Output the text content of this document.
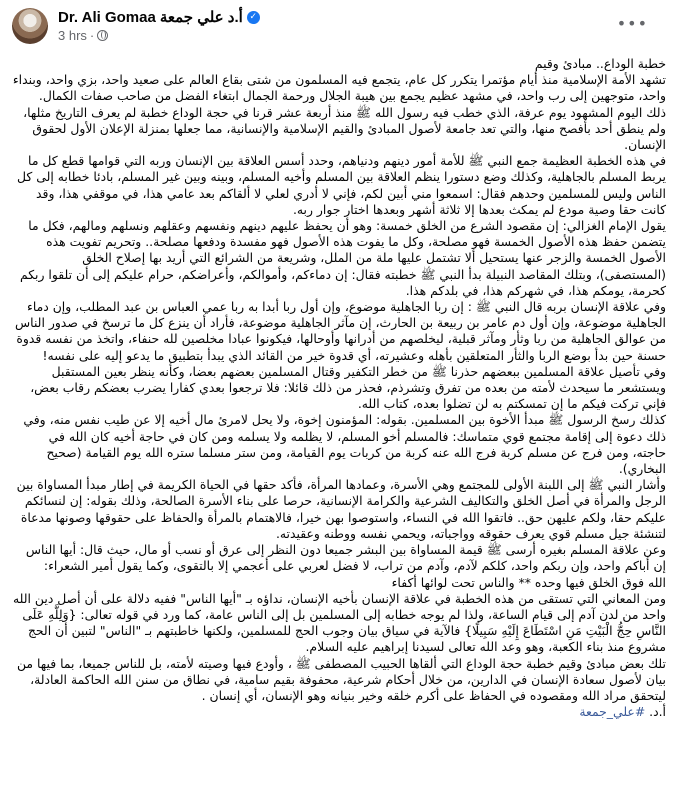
Dr. Ali Gomaa أ.د علي جمعة ✓
3 hrs ·
•••

خطبة الوداع.. مبادئ وقيم

تشهد الأمة الإسلامية منذ أيام مؤتمرا يتكرر كل عام، يتجمع فيه المسلمون من شتى بقاع العالم على صعيد واحد، بزي واحد، وبنداء واحد، متوجهين إلى رب واحد، في مشهد عظيم يجمع بين هيبة الجلال ورحمة الجمال ابتغاء الفضل من صاحب صفات الكمال.

ذلك اليوم المشهود يوم عرفة، الذي خطب فيه رسول الله ﷺ منذ أربعة عشر قرنا في حجة الوداع خطبة لم يعرف التاريخ مثلها، ولم ينطق أحد بأفصح منها، والتي تعد جامعة لأصول المبادئ والقيم الإسلامية والإنسانية، مما جعلها بمنزلة الإعلان الأول لحقوق الإنسان.

في هذه الخطبة العظيمة جمع النبي ﷺ للأمة أمور دينهم ودنياهم، وحدد أسس العلاقة بين الإنسان وربه التي قوامها قطع كل ما يربط المسلم بالجاهلية، وكذلك وضع دستورا ينظم العلاقة بين المسلم وأخيه المسلم، وبينه وبين غير المسلم، بادئا خطابه إلى كل الناس وليس للمسلمين وحدهم فقال: اسمعوا مني أبين لكم، فإني لا أدري لعلي لا ألقاكم بعد عامي هذا، في موقفي هذا، وقد كانت حقا وصية مودع لم يمكث بعدها إلا ثلاثة أشهر وبعدها اختار جوار ربه.

يقول الإمام الغزالي: إن مقصود الشرع من الخلق خمسة: وهو أن يحفظ عليهم دينهم ونفسهم وعقلهم ونسلهم ومالهم، فكل ما يتضمن حفظ هذه الأصول الخمسة فهو مصلحة، وكل ما يفوت هذه الأصول فهو مفسدة ودفعها مصلحة.. وتحريم تفويت هذه الأصول الخمسة والزجر عنها يستحيل ألا تشتمل عليها ملة من الملل، وشريعة من الشرائع التي أريد بها إصلاح الخلق (المستصفى)، وبتلك المقاصد النبيلة بدأ النبي ﷺ خطبته فقال: إن دماءكم، وأموالكم، وأعراضكم، حرام عليكم إلى أن تلقوا ربكم كحرمة، يومكم هذا، في شهركم هذا، في بلدكم هذا.

وفي علاقة الإنسان بربه قال النبي ﷺ : إن ربا الجاهلية موضوع، وإن أول ربا أبدا به ربا عمي العباس بن عبد المطلب، وإن دماء الجاهلية موضوعة، وإن أول دم عامر بن ربيعة بن الحارث، إن مآثر الجاهلية موضوعة، فأراد أن ينزع كل ما ترسخ في صدور الناس من عوالق الجاهلية من ربا وثأر ومآثر قبلية، ليخلصهم من أدرانها وأوحالها، فيكونوا عبادا مخلصين لله حنفاء، واتخذ من نفسه قدوة حسنة حين بدأ بوضع الربا والثأر المتعلقين بأهله وعشيرته، أي قدوة خير من القائد الذي يبدأ بتطبيق ما يدعو إليه على نفسه!

وفي تأصيل علاقة المسلمين ببعضهم حذرنا ﷺ من خطر التكفير وقتال المسلمين بعضهم بعضا، وكأنه ينظر بعين المستقبل ويستشعر ما سيحدث لأمته من بعده من تفرق وتشرذم، فحذر من ذلك قائلا: فلا ترجعوا بعدي كفارا يضرب بعضكم رقاب بعض، فإني تركت فيكم ما إن تمسكتم به لن تضلوا بعده، كتاب الله.

كذلك رسخ الرسول ﷺ مبدأ الأخوة بين المسلمين. بقوله: المؤمنون إخوة، ولا يحل لامرئ مال أخيه إلا عن طيب نفس منه، وفي ذلك دعوة إلى إقامة مجتمع قوي متماسك: فالمسلم أخو المسلم، لا يظلمه ولا يسلمه ومن كان في حاجة أخيه كان الله في حاجته، ومن فرج عن مسلم كربة فرج الله عنه كربة من كربات يوم القيامة، ومن ستر مسلما ستره الله يوم القيامة (صحيح البخاري).

وأشار النبي ﷺ إلى اللبنة الأولى للمجتمع وهي الأسرة، وعمادها المرأة، فأكد حقها في الحياة الكريمة في إطار مبدأ المساواة بين الرجل والمرأة في أصل الخلق والتكاليف الشرعية والكرامة الإنسانية، حرصا على بناء الأسرة الصالحة، وذلك بقوله: إن لنسائكم عليكم حقا، ولكم عليهن حق.. فاتقوا الله في النساء، واستوصوا بهن خيرا، فالاهتمام بالمرأة والحفاظ على حقوقها وصونها مدعاة لتنشئة جيل مسلم قوي يعرف حقوقه وواجباته، ويحمي نفسه ووطنه وعقيدته.

وعن علاقة المسلم بغيره أرسى ﷺ قيمة المساواة بين البشر جميعا دون النظر إلى عرق أو نسب أو مال، حيث قال: أيها الناس إن أباكم واحد، وإن ربكم واحد، كلكم لآدم، وآدم من تراب، لا فضل لعربي على أعجمي إلا بالتقوى، وكما يقول أمير الشعراء:

الله فوق الخلق فيها وحده ** والناس تحت لوائها أكفاء

ومن المعاني التي تستقى من هذه الخطبة في علاقة الإنسان بأخيه الإنسان، نداؤه بـ "أيها الناس" ففيه دلالة على أن أصل دين الله واحد من لدن آدم إلى قيام الساعة، ولذا لم يوجه خطابه إلى المسلمين بل إلى الناس عامة، كما ورد في قوله تعالى: {وَلِلَّهِ عَلَى النَّاسِ حِجُّ الْبَيْتِ مَنِ اسْتَطَاعَ إِلَيْهِ سَبِيلًا} فالآية في سياق بيان وجوب الحج للمسلمين، ولكنها خاطبتهم بـ "الناس" لتبين أن الحج مشروع منذ بناء الكعبة، وهو وعد الله تعالى لسيدنا إبراهيم عليه السلام.

تلك بعض مبادئ وقيم خطبة حجة الوداع التي ألقاها الحبيب المصطفى ﷺ ، وأودع فيها وصيته لأمته، بل للناس جميعا، بما فيها من بيان لأصول سعادة الإنسان في الدارين، من خلال أحكام شرعية، محفوفة بقيم سامية، في نطاق من سنن الله الحاكمة العادلة، ليتحقق مراد الله ومقصوده في الحفاظ على أكرم خلقه وخير بنيانه وهو الإنسان، أي إنسان .

أ.د. #علي_جمعة
